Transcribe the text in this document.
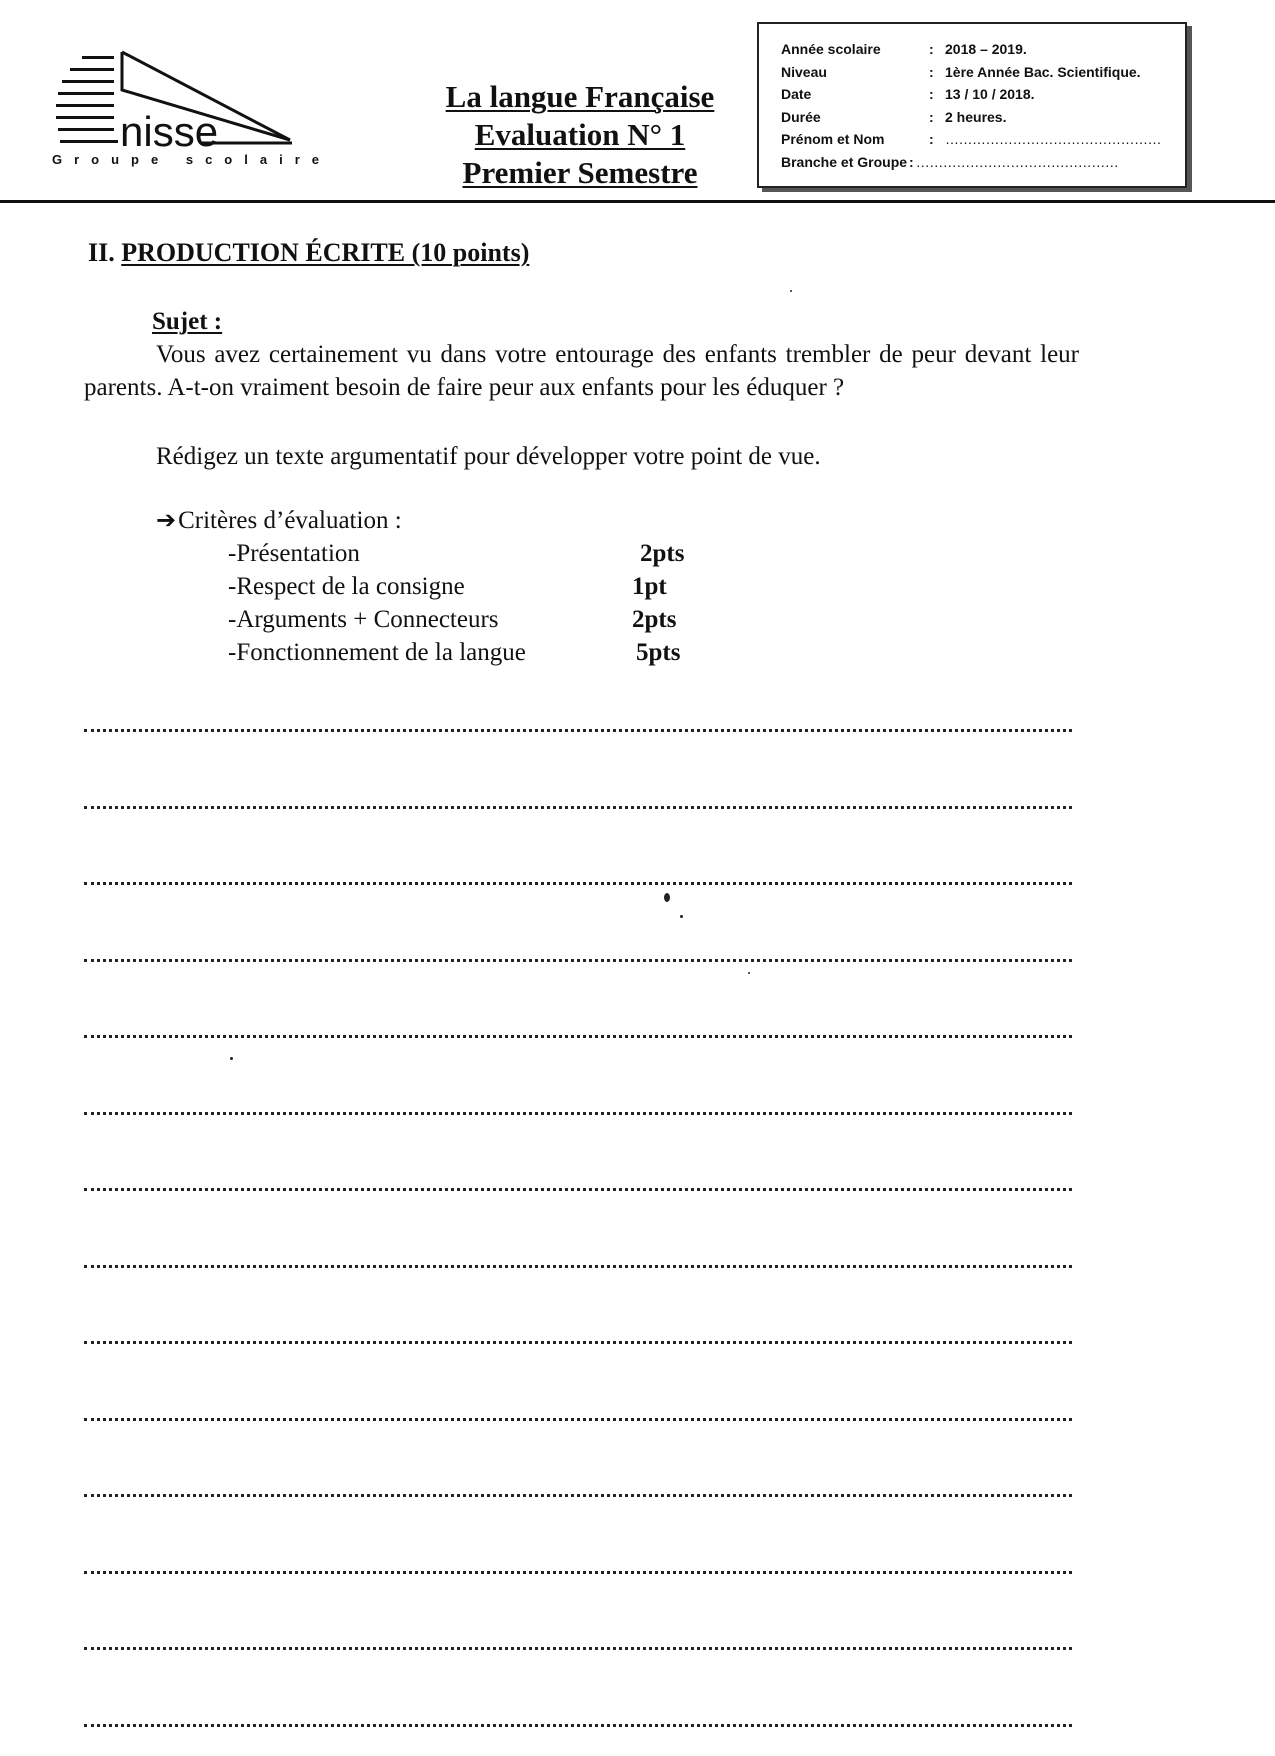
nisse
Groupe scolaire
La langue Française
Evaluation N° 1
Premier Semestre
Année scolaire	: 2018 – 2019.
Niveau	: 1ère Année Bac. Scientifique.
Date	: 13 / 10 / 2018.
Durée	: 2 heures.
Prénom et Nom	: …………………………………………
Branche et Groupe : ………………………………………
II. PRODUCTION ÉCRITE (10 points)
Sujet :
Vous avez certainement vu dans votre entourage des enfants trembler de peur devant leur parents. A-t-on vraiment besoin de faire peur aux enfants pour les éduquer ?
Rédigez un texte argumentatif pour développer votre point de vue.
➔Critères d’évaluation :
-Présentation	2pts
-Respect de la consigne	1pt
-Arguments + Connecteurs	2pts
-Fonctionnement de la langue	5pts
